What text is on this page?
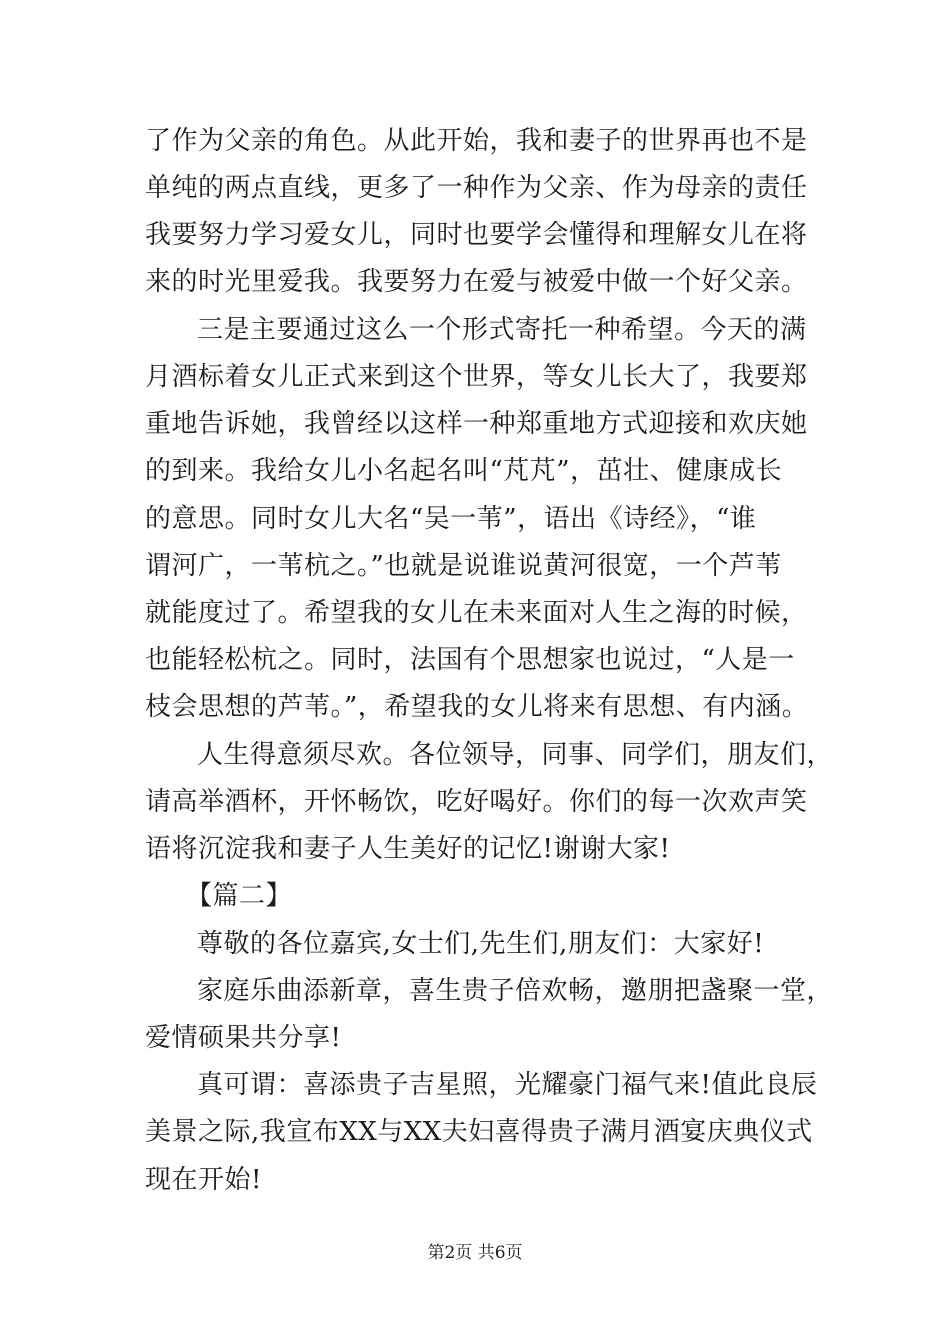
了作为父亲的角色。从此开始，我和妻子的世界再也不是
单纯的两点直线，更多了一种作为父亲、作为母亲的责任
我要努力学习爱女儿，同时也要学会懂得和理解女儿在将
来的时光里爱我。我要努力在爱与被爱中做一个好父亲。
三是主要通过这么一个形式寄托一种希望。今天的满
月酒标着女儿正式来到这个世界，等女儿长大了，我要郑
重地告诉她，我曾经以这样一种郑重地方式迎接和欢庆她
的到来。我给女儿小名起名叫“芃芃”，茁壮、健康成长
的意思。同时女儿大名“吴一苇”，语出《诗经》，“谁
谓河广，一苇杭之。”也就是说谁说黄河很宽，一个芦苇
就能度过了。希望我的女儿在未来面对人生之海的时候，
也能轻松杭之。同时，法国有个思想家也说过，“人是一
枝会思想的芦苇。”，希望我的女儿将来有思想、有内涵。
人生得意须尽欢。各位领导，同事、同学们，朋友们，
请高举酒杯，开怀畅饮，吃好喝好。你们的每一次欢声笑
语将沉淀我和妻子人生美好的记忆!谢谢大家!
【篇二】
尊敬的各位嘉宾,女士们,先生们,朋友们：大家好!
家庭乐曲添新章，喜生贵子倍欢畅，邀朋把盏聚一堂，
爱情硕果共分享!
真可谓：喜添贵子吉星照，光耀豪门福气来!值此良辰
美景之际,我宣布XX与XX夫妇喜得贵子满月酒宴庆典仪式
现在开始!
第2页 共6页
